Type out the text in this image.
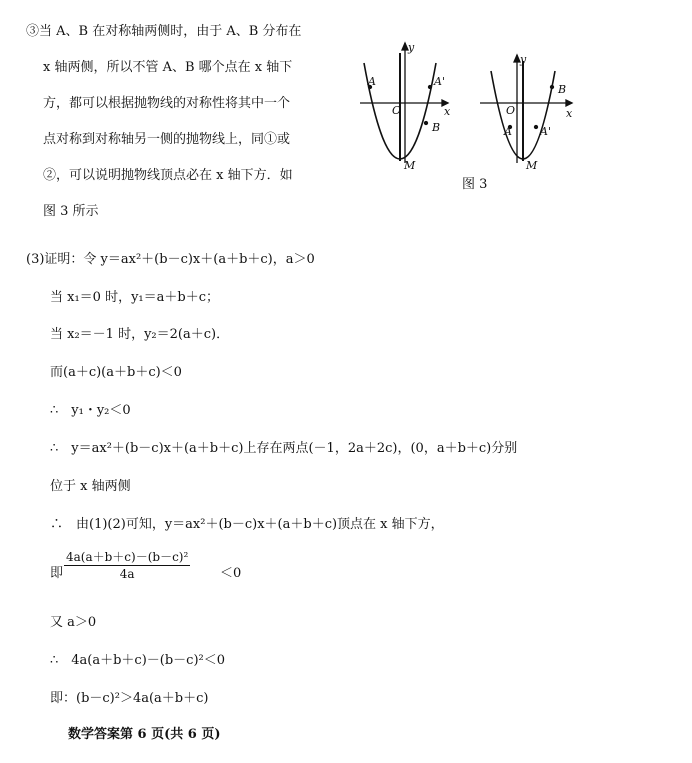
③当 A、B 在对称轴两侧时，由于 A、B 分布在
x 轴两侧，所以不管 A、B 哪个点在 x 轴下
方，都可以根据抛物线的对称性将其中一个
点对称到对称轴另一侧的抛物线上，同①或
②，可以说明抛物线顶点必在 x 轴下方．如
图 3 所示
y
x
A	A'
B
O
M
y
x
A	A'
B
O
M
图 3
(3)证明：令 y＝ax²＋(b－c)x＋(a＋b＋c)，a＞0
当 x₁＝0 时，y₁＝a＋b＋c；
当 x₂＝－1 时，y₂＝2(a＋c)．
而(a＋c)(a＋b＋c)＜0
∴　y₁・y₂＜0
∴　y＝ax²＋(b－c)x＋(a＋b＋c)上存在两点(－1，2a＋2c)，(0，a＋b＋c)分别
位于 x 轴两侧
∴　由(1)(2)可知，y＝ax²＋(b－c)x＋(a＋b＋c)顶点在 x 轴下方，
即 $\frac{\text{4a(a＋b＋c)－(b－c)²}}{4a} <0$
又 a＞0
∴　4a(a＋b＋c)－(b－c)²＜0
即：(b－c)²＞4a(a＋b＋c)
数学答案第 6 页(共 6 页)
